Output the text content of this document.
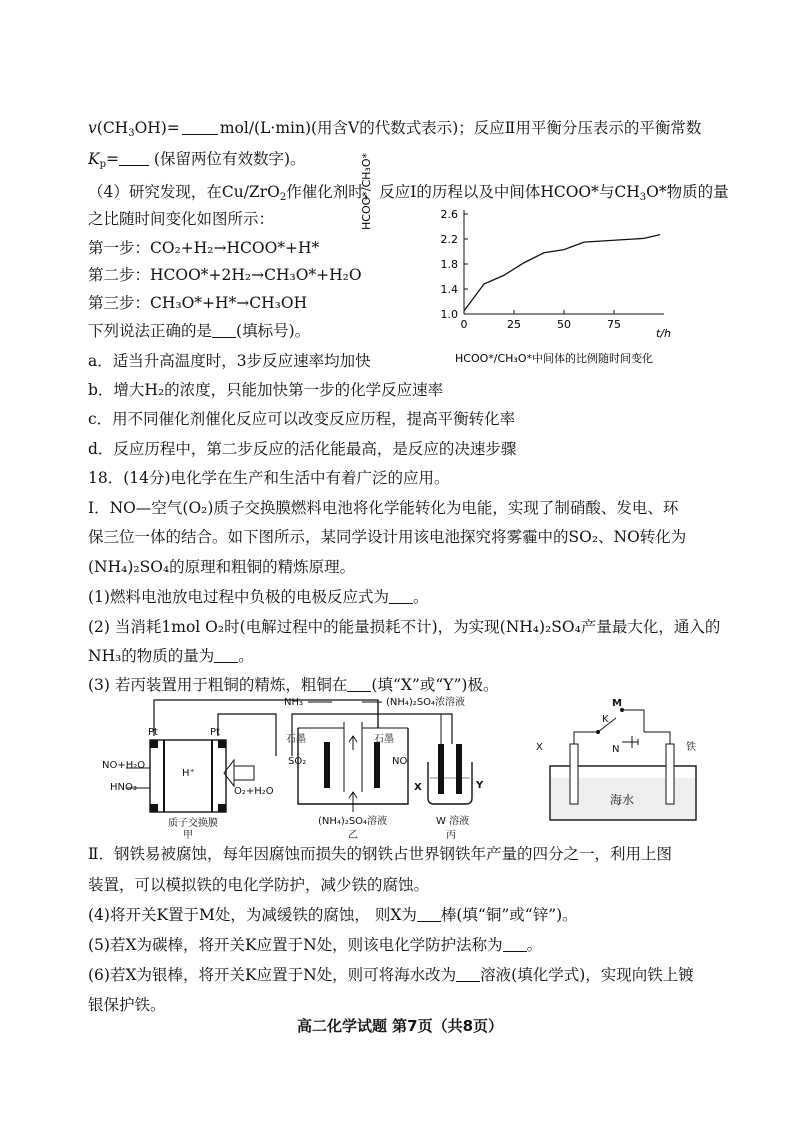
$v(CH_3OH)=$	mol/(L·min)(用含V的代数式表示)；反应Ⅱ用平衡分压表示的平衡常数
$K_p=$ (保留两位有效数字)。
（4）研究发现，在Cu/ZrO$_2$作催化剂时，反应Ⅰ的历程以及中间体HCOO*与$CH_3O*$物质的量
之比随时间变化如图所示：
第一步：CO₂+H₂→HCOO*+H*
第二步：HCOO*+2H₂→CH₃O*+H₂O
第三步：CH₃O*+H*→CH₃OH
下列说法正确的是 (填标号)。
a．适当升高温度时，3步反应速率均加快
b．增大H₂的浓度，只能加快第一步的化学反应速率
c．用不同催化剂催化反应可以改变反应历程，提高平衡转化率
d．反应历程中，第二步反应的活化能最高，是反应的决速步骤
1.0
1.4
1.8
2.2
2.6
0	25	50	75
HCOO*/CH₃O*
t/h
HCOO*/CH₃O*中间体的比例随时间变化
18．(14分)电化学在生产和生活中有着广泛的应用。
Ⅰ．NO—空气(O₂)质子交换膜燃料电池将化学能转化为电能，实现了制硝酸、发电、环
保三位一体的结合。如下图所示，某同学设计用该电池探究将雾霾中的SO₂、NO转化为
(NH₄)₂SO₄的原理和粗铜的精炼原理。
(1)燃料电池放电过程中负极的电极反应式为 。
(2) 当消耗1mol O₂时(电解过程中的能量损耗不计)，为实现(NH₄)₂SO₄产量最大化，通入的
NH₃的物质的量为 。
(3) 若丙装置用于粗铜的精炼，粗铜在 (填“X”或“Y”)极。
Pt	Pt
NO+H₂O
HNO₃
H⁺
O₂+H₂O
质子交换膜
甲
NH₃	(NH₄)₂SO₄浓溶液
石墨	石墨
SO₂	NO
(NH₄)₂SO₄溶液
乙
X	Y
W 溶液
丙
M
K
N
X	铁
海水
Ⅱ．钢铁易被腐蚀，每年因腐蚀而损失的钢铁占世界钢铁年产量的四分之一，利用上图
装置，可以模拟铁的电化学防护，减少铁的腐蚀。
(4)将开关K置于M处，为减缓铁的腐蚀， 则X为 棒(填“铜”或“锌”)。
(5)若X为碳棒，将开关K应置于N处，则该电化学防护法称为 。
(6)若X为银棒，将开关K应置于N处，则可将海水改为 溶液(填化学式)，实现向铁上镀
银保护铁。
高二化学试题 第7页（共8页）
